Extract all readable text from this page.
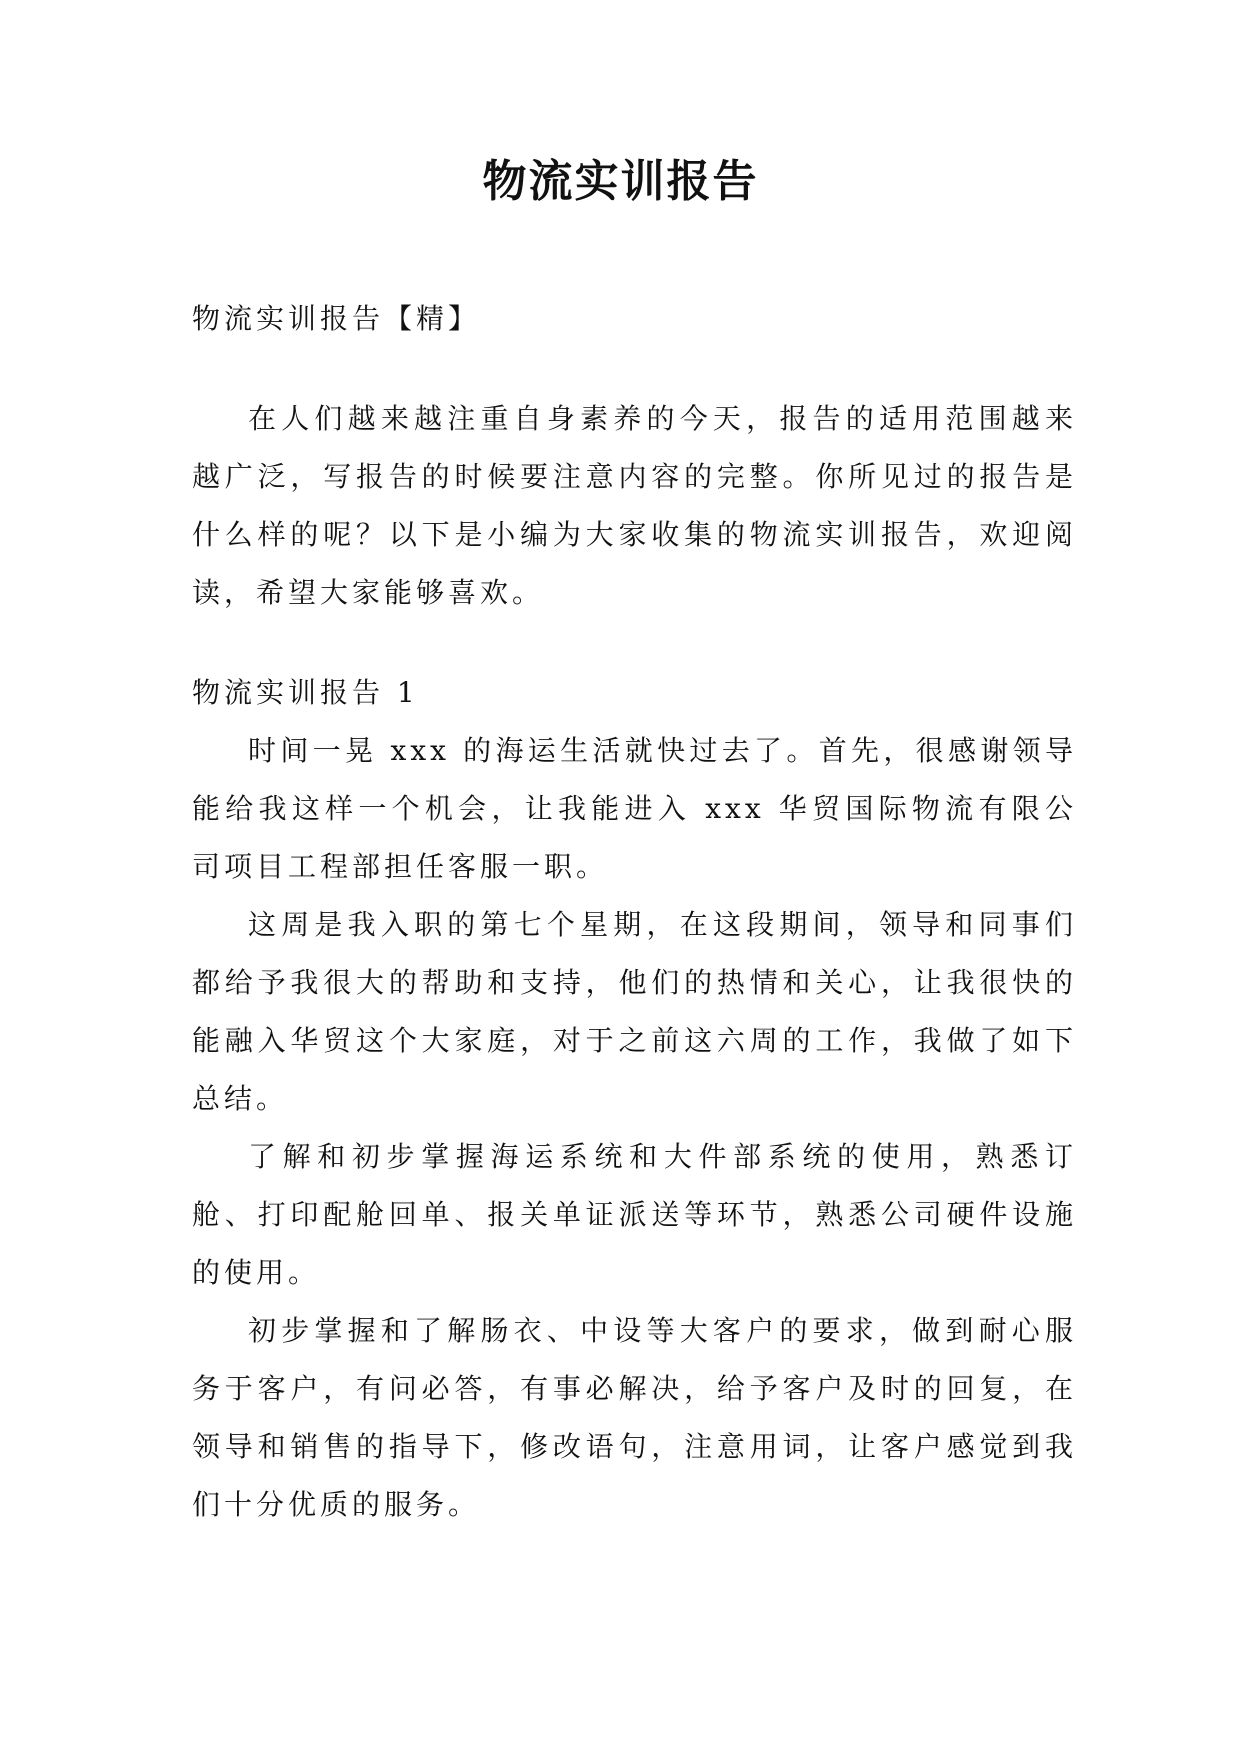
物流实训报告

物流实训报告【精】

在人们越来越注重自身素养的今天，报告的适用范围越来越广泛，写报告的时候要注意内容的完整。你所见过的报告是什么样的呢？以下是小编为大家收集的物流实训报告，欢迎阅读，希望大家能够喜欢。

物流实训报告 1

时间一晃 xxx 的海运生活就快过去了。首先，很感谢领导能给我这样一个机会，让我能进入 xxx 华贸国际物流有限公司项目工程部担任客服一职。

这周是我入职的第七个星期，在这段期间，领导和同事们都给予我很大的帮助和支持，他们的热情和关心，让我很快的能融入华贸这个大家庭，对于之前这六周的工作，我做了如下总结。

了解和初步掌握海运系统和大件部系统的使用，熟悉订舱、打印配舱回单、报关单证派送等环节，熟悉公司硬件设施的使用。

初步掌握和了解肠衣、中设等大客户的要求，做到耐心服务于客户，有问必答，有事必解决，给予客户及时的回复，在领导和销售的指导下，修改语句，注意用词，让客户感觉到我们十分优质的服务。
